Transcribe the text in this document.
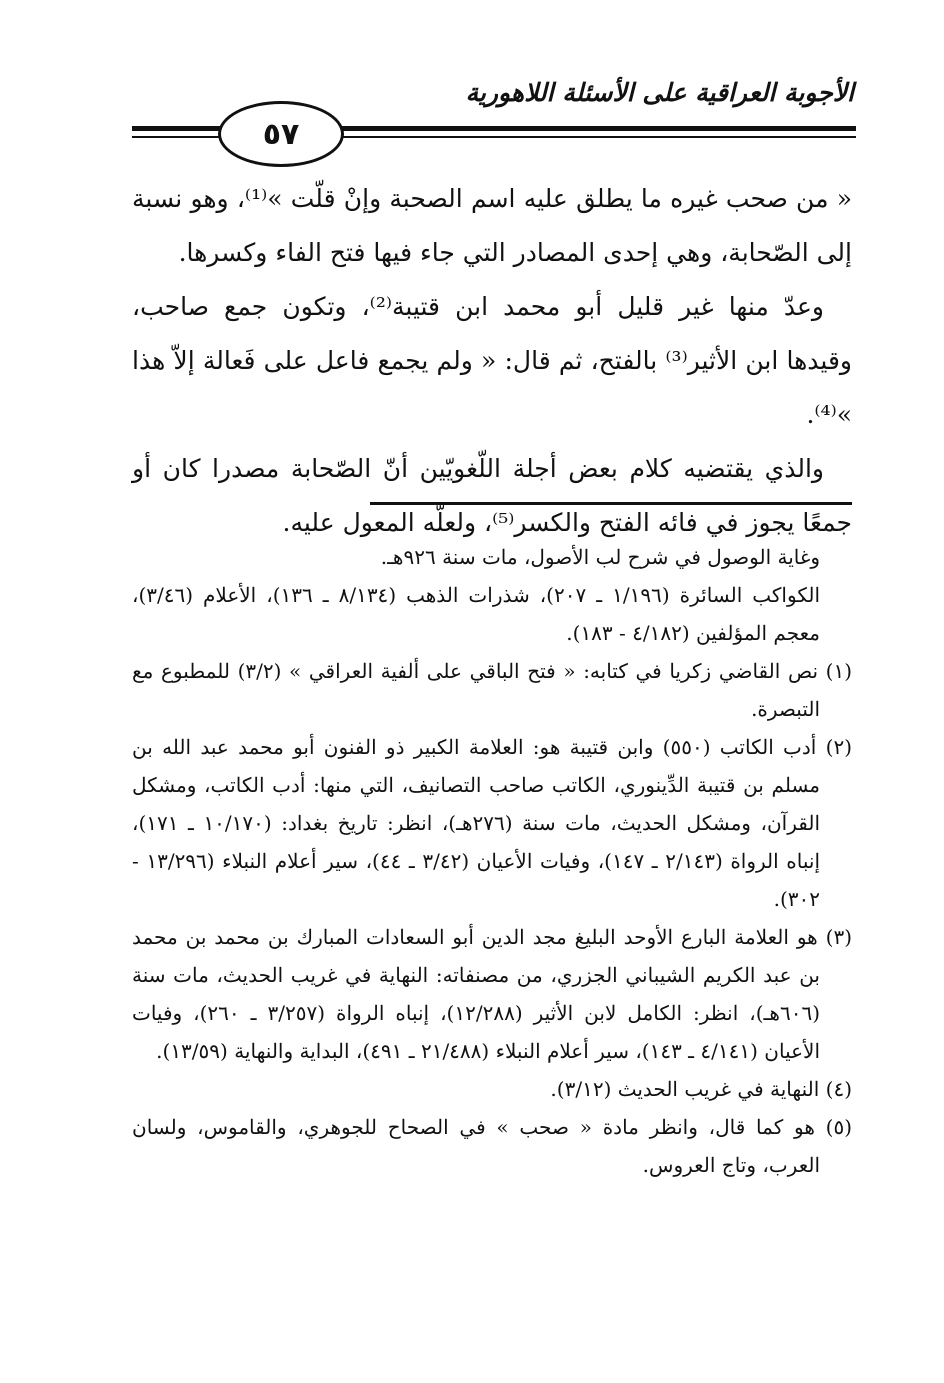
الأجوبة العراقية على الأسئلة اللاهورية
٥٧

« من صحب غيره ما يطلق عليه اسم الصحبة وإنْ قلّت »⁽¹⁾، وهو نسبة إلى الصّحابة، وهي إحدى المصادر التي جاء فيها فتح الفاء وكسرها.

وعدّ منها غير قليل أبو محمد ابن قتيبة⁽²⁾، وتكون جمع صاحب، وقيدها ابن الأثير⁽³⁾ بالفتح، ثم قال: « ولم يجمع فاعل على فَعالة إلاّ هذا »⁽⁴⁾.

والذي يقتضيه كلام بعض أجلة اللّغويّين أنّ الصّحابة مصدرا كان أو جمعًا يجوز في فائه الفتح والكسر⁽⁵⁾، ولعلّه المعول عليه.

وغاية الوصول في شرح لب الأصول، مات سنة ٩٢٦هـ.

الكواكب السائرة (١/١٩٦ ـ ٢٠٧)، شذرات الذهب (٨/١٣٤ ـ ١٣٦)، الأعلام (٣/٤٦)، معجم المؤلفين (٤/١٨٢ - ١٨٣).

(١) نص القاضي زكريا في كتابه: « فتح الباقي على ألفية العراقي » (٣/٢) للمطبوع مع التبصرة.

(٢) أدب الكاتب (٥٥٠) وابن قتيبة هو: العلامة الكبير ذو الفنون أبو محمد عبد الله بن مسلم بن قتيبة الدِّينوري، الكاتب صاحب التصانيف، التي منها: أدب الكاتب، ومشكل القرآن، ومشكل الحديث، مات سنة (٢٧٦هـ)، انظر: تاريخ بغداد: (١٠/١٧٠ ـ ١٧١)، إنباه الرواة (٢/١٤٣ ـ ١٤٧)، وفيات الأعيان (٣/٤٢ ـ ٤٤)، سير أعلام النبلاء (١٣/٢٩٦ - ٣٠٢).

(٣) هو العلامة البارع الأوحد البليغ مجد الدين أبو السعادات المبارك بن محمد بن محمد بن عبد الكريم الشيباني الجزري، من مصنفاته: النهاية في غريب الحديث، مات سنة (٦٠٦هـ)، انظر: الكامل لابن الأثير (١٢/٢٨٨)، إنباه الرواة (٣/٢٥٧ ـ ٢٦٠)، وفيات الأعيان (٤/١٤١ ـ ١٤٣)، سير أعلام النبلاء (٢١/٤٨٨ ـ ٤٩١)، البداية والنهاية (١٣/٥٩).

(٤) النهاية في غريب الحديث (٣/١٢).

(٥) هو كما قال، وانظر مادة « صحب » في الصحاح للجوهري، والقاموس، ولسان العرب، وتاج العروس.
